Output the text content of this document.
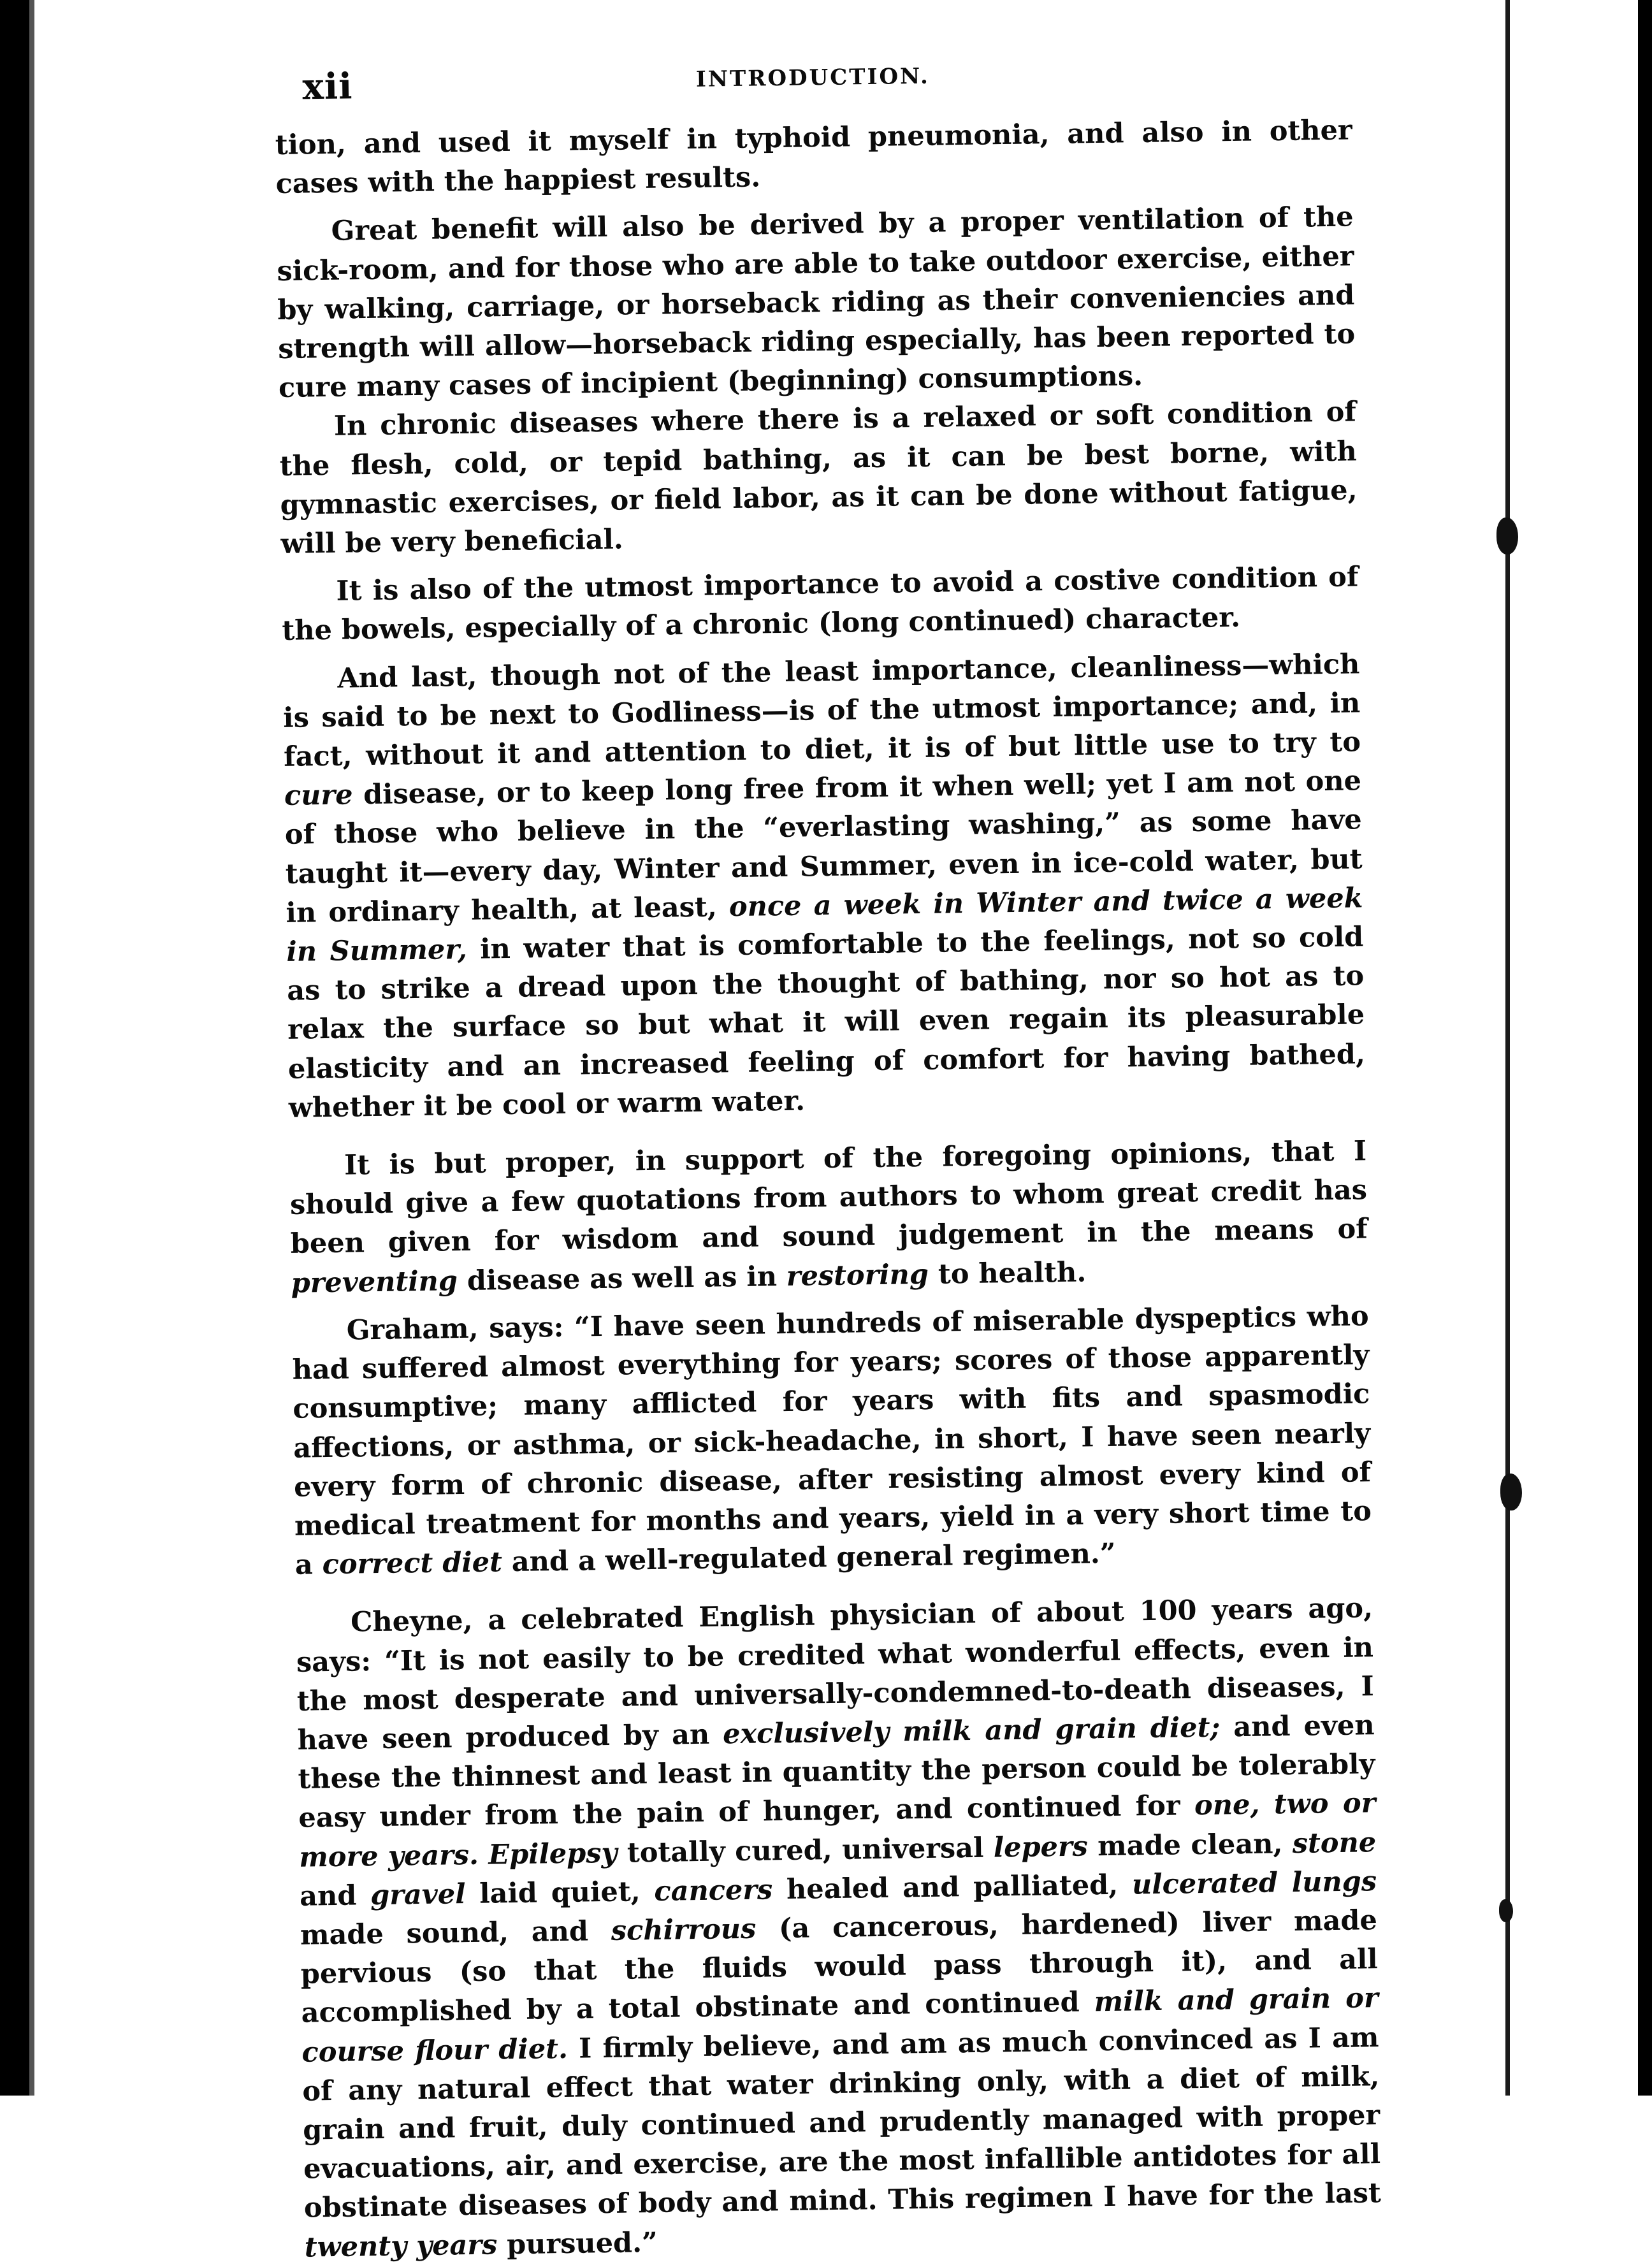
xii	INTRODUCTION.

tion, and used it myself in typhoid pneumonia, and also in other cases with the happiest results.

Great benefit will also be derived by a proper ventilation of the sick-room, and for those who are able to take outdoor exercise, either by walking, carriage, or horseback riding as their conveniencies and strength will allow—horseback riding especially, has been reported to cure many cases of incipient (beginning) consumptions.

In chronic diseases where there is a relaxed or soft condition of the flesh, cold, or tepid bathing, as it can be best borne, with gymnastic exercises, or field labor, as it can be done without fatigue, will be very beneficial.

It is also of the utmost importance to avoid a costive condition of the bowels, especially of a chronic (long continued) character.

And last, though not of the least importance, cleanliness—which is said to be next to Godliness—is of the utmost importance; and, in fact, without it and attention to diet, it is of but little use to try to cure disease, or to keep long free from it when well; yet I am not one of those who believe in the “everlasting washing,” as some have taught it—every day, Winter and Summer, even in ice-cold water, but in ordinary health, at least, once a week in Winter and twice a week in Summer, in water that is comfortable to the feelings, not so cold as to strike a dread upon the thought of bathing, nor so hot as to relax the surface so but what it will even regain its pleasurable elasticity and an increased feeling of comfort for having bathed, whether it be cool or warm water.

It is but proper, in support of the foregoing opinions, that I should give a few quotations from authors to whom great credit has been given for wisdom and sound judgement in the means of preventing disease as well as in restoring to health.

Graham, says: “I have seen hundreds of miserable dyspeptics who had suffered almost everything for years; scores of those apparently consumptive; many afflicted for years with fits and spasmodic affections, or asthma, or sick-headache, in short, I have seen nearly every form of chronic disease, after resisting almost every kind of medical treatment for months and years, yield in a very short time to a correct diet and a well-regulated general regimen.”

Cheyne, a celebrated English physician of about 100 years ago, says: “It is not easily to be credited what wonderful effects, even in the most desperate and universally-condemned-to-death diseases, I have seen produced by an exclusively milk and grain diet; and even these the thinnest and least in quantity the person could be tolerably easy under from the pain of hunger, and continued for one, two or more years. Epilepsy totally cured, universal lepers made clean, stone and gravel laid quiet, cancers healed and palliated, ulcerated lungs made sound, and schirrous (a cancerous, hardened) liver made pervious (so that the fluids would pass through it), and all accomplished by a total obstinate and continued milk and grain or course flour diet. I firmly believe, and am as much convinced as I am of any natural effect that water drinking only, with a diet of milk, grain and fruit, duly continued and prudently managed with proper evacuations, air, and exercise, are the most infallible antidotes for all obstinate diseases of body and mind. This regimen I have for the last twenty years pursued.”
